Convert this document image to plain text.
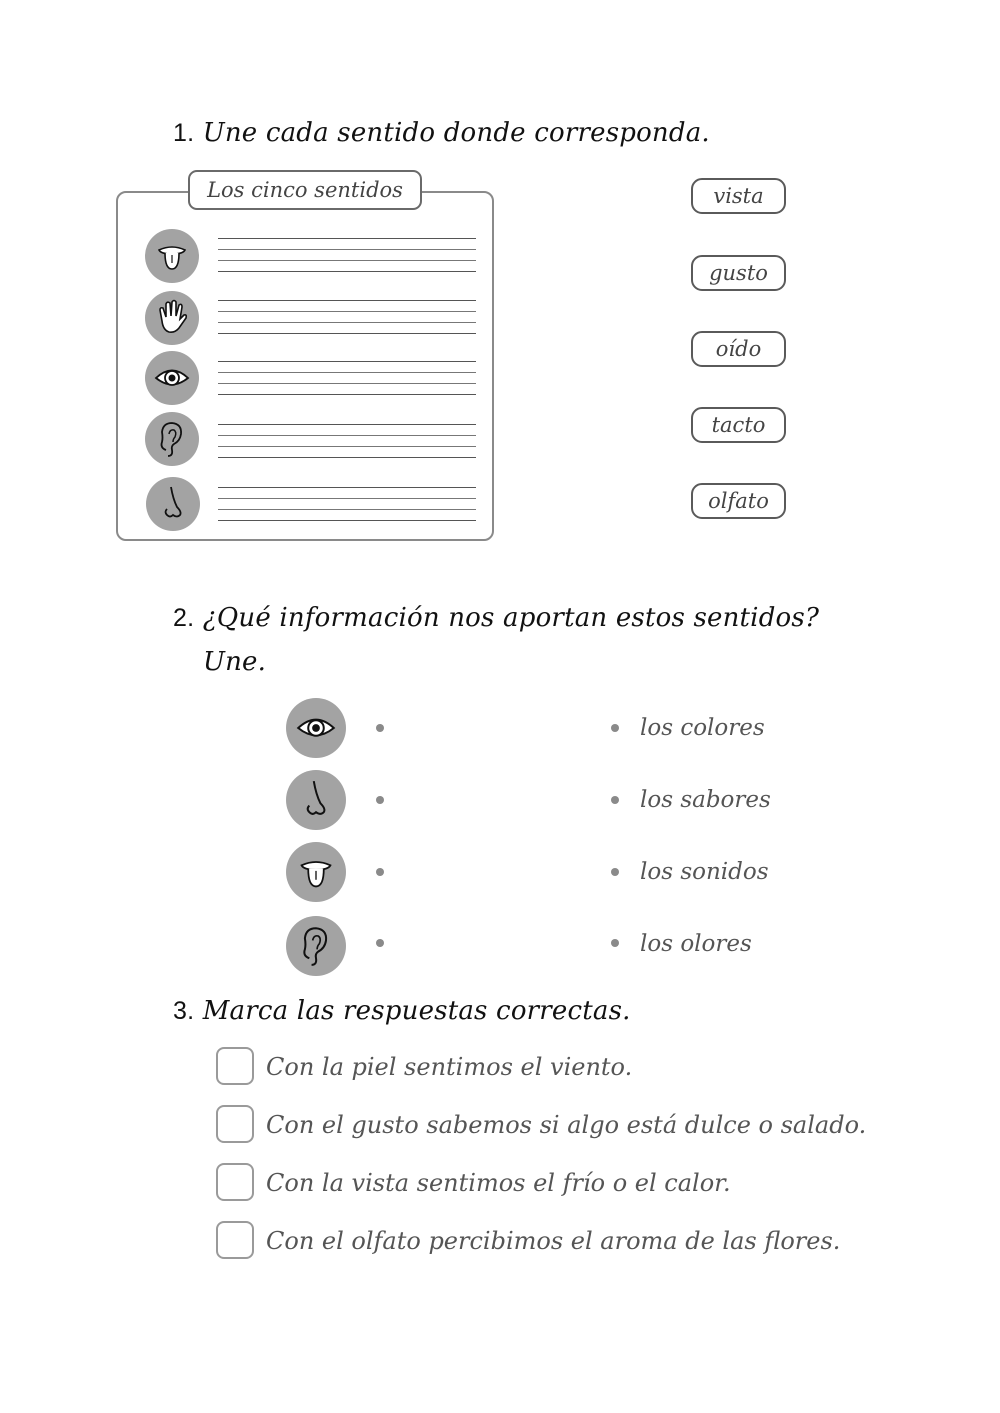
1. Une cada sentido donde corresponda.
Los cinco sentidos	vista
gusto
oído
tacto
olfato
2. ¿Qué información nos aportan estos sentidos?
Une.
los colores
los sabores
los sonidos
los olores
3. Marca las respuestas correctas.
Con la piel sentimos el viento.
Con el gusto sabemos si algo está dulce o salado.
Con la vista sentimos el frío o el calor.
Con el olfato percibimos el aroma de las flores.
